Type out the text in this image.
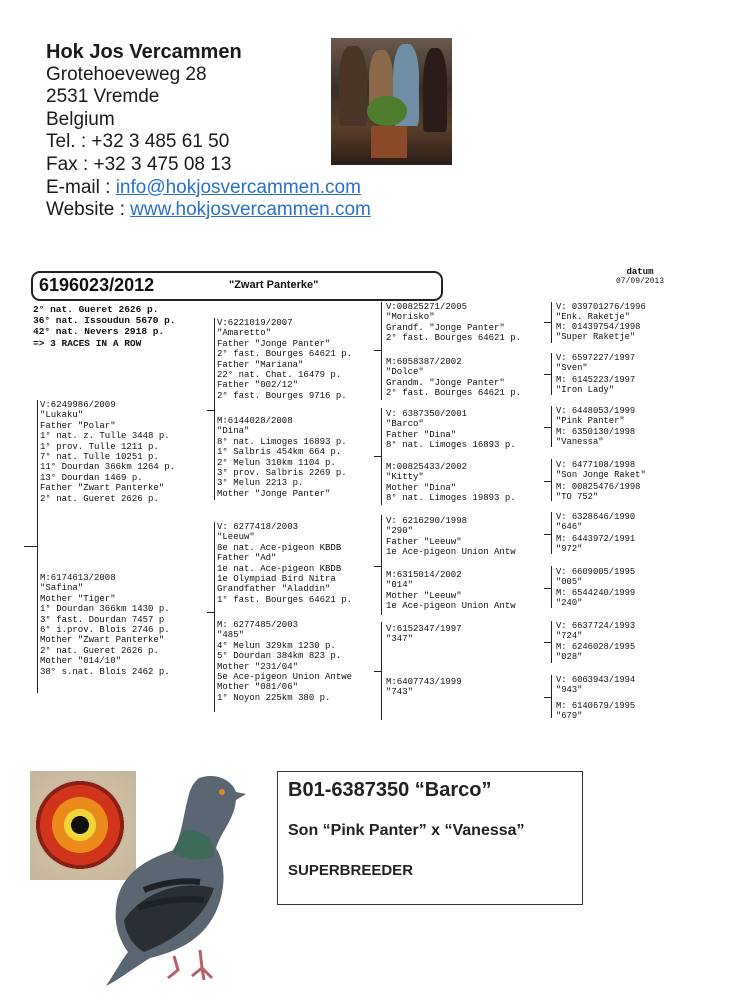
Hok Jos Vercammen
Grotehoeveweg 28
2531 Vremde
Belgium
Tel. : +32 3 485 61 50
Fax : +32 3 475 08 13
E-mail : info@hokjosvercammen.com
Website : www.hokjosvercammen.com
6196023/2012	"Zwart Panterke"
datum
07/09/2013
2° nat. Gueret 2626 p.
36° nat. Issoudun 5670 p.
42° nat. Nevers 2918 p.
=> 3 RACES IN A ROW
V:6249986/2009
"Lukaku"
Father "Polar"
1° nat. z. Tulle 3448 p.
1° prov. Tulle 1211 p.
7° nat. Tulle 10251 p.
11° Dourdan 366km 1264 p.
13° Dourdan 1469 p.
Father "Zwart Panterke"
2° nat. Gueret 2626 p.
M:6174613/2008
"Safina"
Mother "Tiger"
1° Dourdan 366km 1430 p.
3° fast. Dourdan 7457 p
6° i.prov. Blois 2746 p.
Mother "Zwart Panterke"
2° nat. Gueret 2626 p.
Mother "014/10"
38° s.nat. Blois 2462 p.
V:6221019/2007
"Amaretto"
Father "Jonge Panter"
2° fast. Bourges 64621 p.
Father "Mariana"
22° nat. Chat. 16479 p.
Father "002/12"
2° fast. Bourges 9716 p.
M:6144028/2008
"Dina"
8° nat. Limoges 16893 p.
1° Salbris 454km 664 p.
2° Melun 310km 1104 p.
3° prov. Salbris 2269 p.
3° Melun 2213 p.
Mother "Jonge Panter"
V: 6277418/2003
"Leeuw"
8e nat. Ace-pigeon KBDB
Father "Ad"
1e nat. Ace-pigeon KBDB
1e Olympiad Bird Nitra
Grandfather "Aladdin"
1° fast. Bourges 64621 p.
M: 6277485/2003
"485"
4° Melun 329km 1230 p.
5° Dourdan 384km 823 p.
Mother "231/04"
5e Ace-pigeon Union Antwe
Mother "081/06"
1° Noyon 225km 380 p.
V:00825271/2005
"Morisko"
Grandf. "Jonge Panter"
2° fast. Bourges 64621 p.
M:6058387/2002
"Dolce"
Grandm. "Jonge Panter"
2° fast. Bourges 64621 p.
V: 6387350/2001
"Barco"
Father "Dina"
8° nat. Limoges 16893 p.
M:00825433/2002
"Kitty"
Mother "Dina"
8° nat. Limoges 19893 p.
V: 6216290/1998
"290"
Father "Leeuw"
1e Ace-pigeon Union Antw
M:6315014/2002
"014"
Mother "Leeuw"
1e Ace-pigeon Union Antw
V:6152347/1997
"347"
M:6407743/1999
"743"
V: 039701276/1996
"Enk. Raketje"
M: 01439754/1998
"Super Raketje"
V: 6597227/1997
"Sven"
M: 6145223/1997
"Iron Lady"
V: 6448053/1999
"Pink Panter"
M: 6350130/1998
"Vanessa"
V: 6477108/1998
"Son Jonge Raket"
M: 00825476/1998
"TO 752"
V: 6328646/1990
"646"
M: 6443972/1991
"972"
V: 6609005/1995
"005"
M: 6544240/1999
"240"
V: 6637724/1993
"724"
M: 6246028/1995
"028"
V: 6063943/1994
"943"
M: 6140679/1995
"679"
B01-6387350 “Barco”
Son “Pink Panter” x “Vanessa”
SUPERBREEDER
